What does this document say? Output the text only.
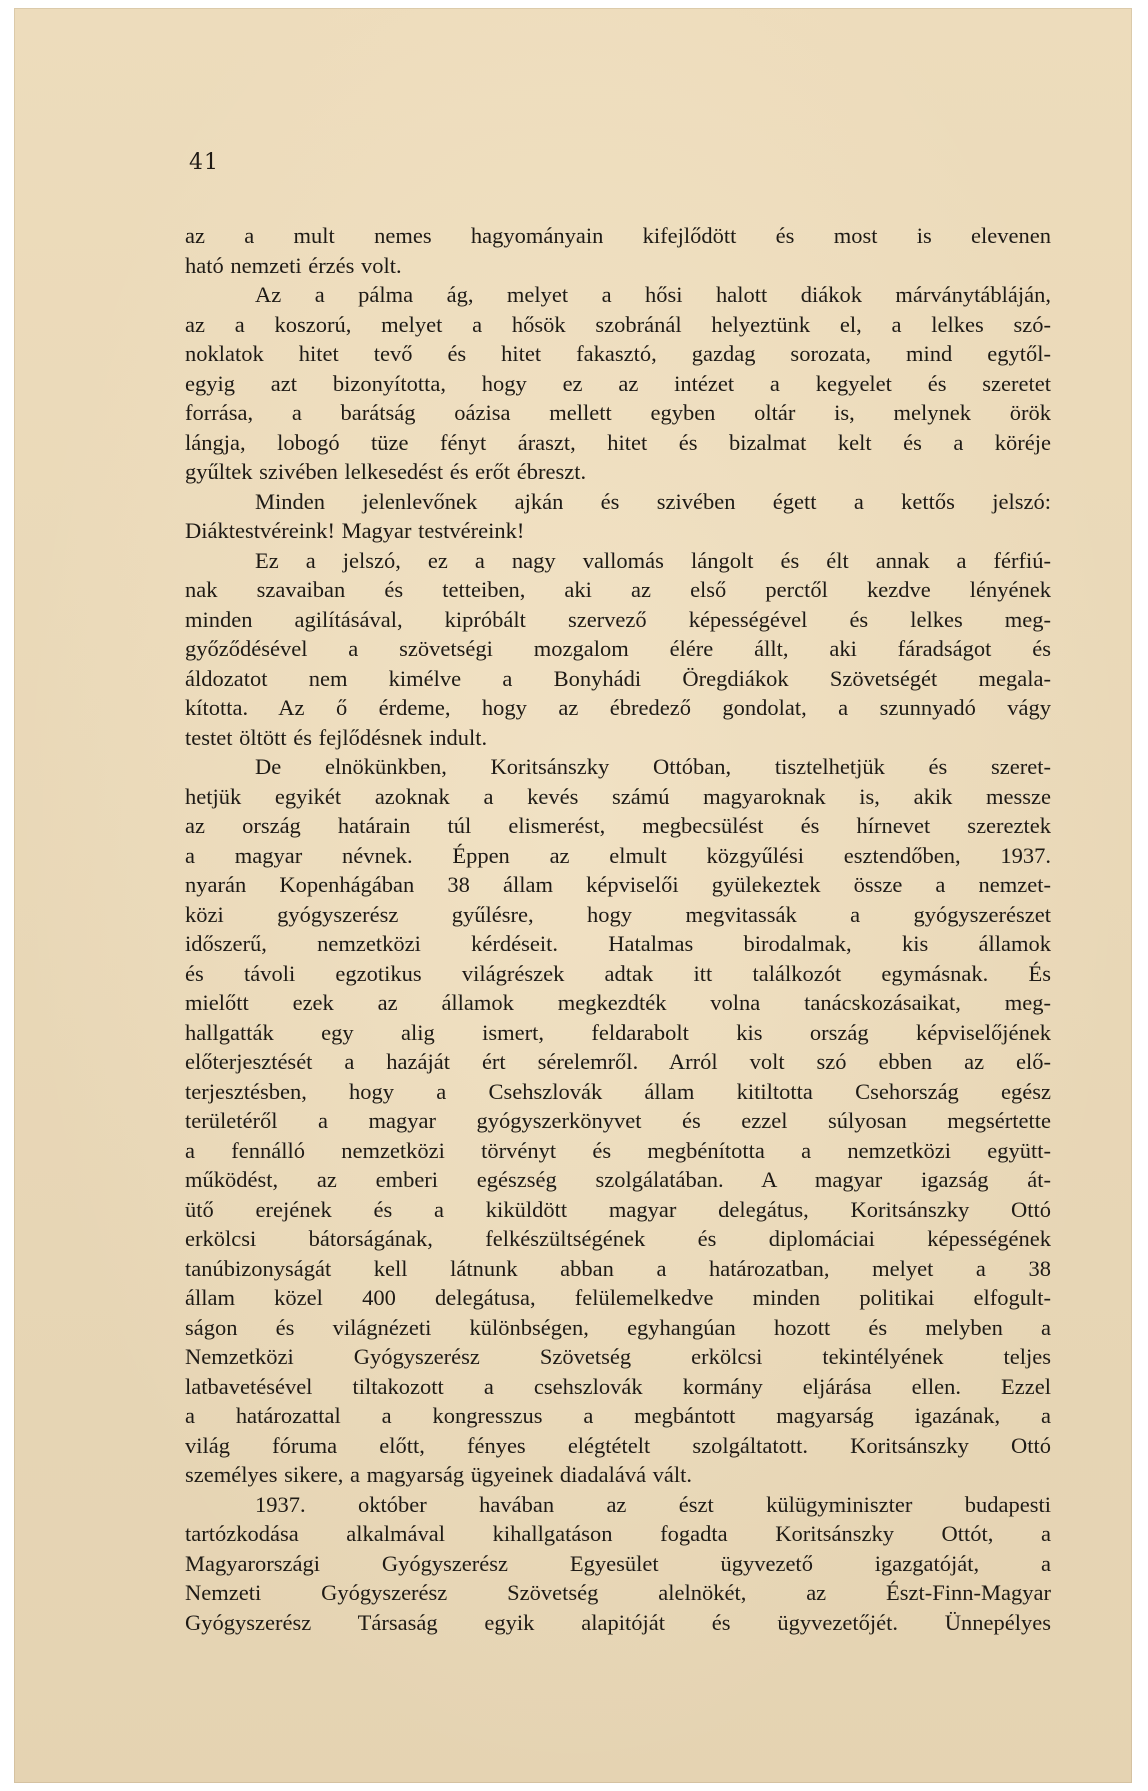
41

az a mult nemes hagyományain kifejlődött és most is elevenen

ható nemzeti érzés volt.

Az a pálma ág, melyet a hősi halott diákok márványtábláján,

az a koszorú, melyet a hősök szobránál helyeztünk el, a lelkes szó-

noklatok hitet tevő és hitet fakasztó, gazdag sorozata, mind egytől-

egyig azt bizonyította, hogy ez az intézet a kegyelet és szeretet

forrása, a barátság oázisa mellett egyben oltár is, melynek örök

lángja, lobogó tüze fényt áraszt, hitet és bizalmat kelt és a köréje

gyűltek szivében lelkesedést és erőt ébreszt.

Minden jelenlevőnek ajkán és szivében égett a kettős jelszó:

Diáktestvéreink! Magyar testvéreink!

Ez a jelszó, ez a nagy vallomás lángolt és élt annak a férfiú-

nak szavaiban és tetteiben, aki az első perctől kezdve lényének

minden agilításával, kipróbált szervező képességével és lelkes meg-

győződésével a szövetségi mozgalom élére állt, aki fáradságot és

áldozatot nem kimélve a Bonyhádi Öregdiákok Szövetségét megala-

kította. Az ő érdeme, hogy az ébredező gondolat, a szunnyadó vágy

testet öltött és fejlődésnek indult.

De elnökünkben, Koritsánszky Ottóban, tisztelhetjük és szeret-

hetjük egyikét azoknak a kevés számú magyaroknak is, akik messze

az ország határain túl elismerést, megbecsülést és hírnevet szereztek

a magyar névnek. Éppen az elmult közgyűlési esztendőben, 1937.

nyarán Kopenhágában 38 állam képviselői gyülekeztek össze a nemzet-

közi gyógyszerész gyűlésre, hogy megvitassák a gyógyszerészet

időszerű, nemzetközi kérdéseit. Hatalmas birodalmak, kis államok

és távoli egzotikus világrészek adtak itt találkozót egymásnak. És

mielőtt ezek az államok megkezdték volna tanácskozásaikat, meg-

hallgatták egy alig ismert, feldarabolt kis ország képviselőjének

előterjesztését a hazáját ért sérelemről. Arról volt szó ebben az elő-

terjesztésben, hogy a Csehszlovák állam kitiltotta Csehország egész

területéről a magyar gyógyszerkönyvet és ezzel súlyosan megsértette

a fennálló nemzetközi törvényt és megbénította a nemzetközi együtt-

működést, az emberi egészség szolgálatában. A magyar igazság át-

ütő erejének és a kiküldött magyar delegátus, Koritsánszky Ottó

erkölcsi bátorságának, felkészültségének és diplomáciai képességének

tanúbizonyságát kell látnunk abban a határozatban, melyet a 38

állam közel 400 delegátusa, felülemelkedve minden politikai elfogult-

ságon és világnézeti különbségen, egyhangúan hozott és melyben a

Nemzetközi Gyógyszerész Szövetség erkölcsi tekintélyének teljes

latbavetésével tiltakozott a csehszlovák kormány eljárása ellen. Ezzel

a határozattal a kongresszus a megbántott magyarság igazának, a

világ fóruma előtt, fényes elégtételt szolgáltatott. Koritsánszky Ottó

személyes sikere, a magyarság ügyeinek diadalává vált.

1937. október havában az észt külügyminiszter budapesti

tartózkodása alkalmával kihallgatáson fogadta Koritsánszky Ottót, a

Magyarországi Gyógyszerész Egyesület ügyvezető igazgatóját, a

Nemzeti Gyógyszerész Szövetség alelnökét, az Észt-Finn-Magyar

Gyógyszerész Társaság egyik alapitóját és ügyvezetőjét. Ünnepélyes
